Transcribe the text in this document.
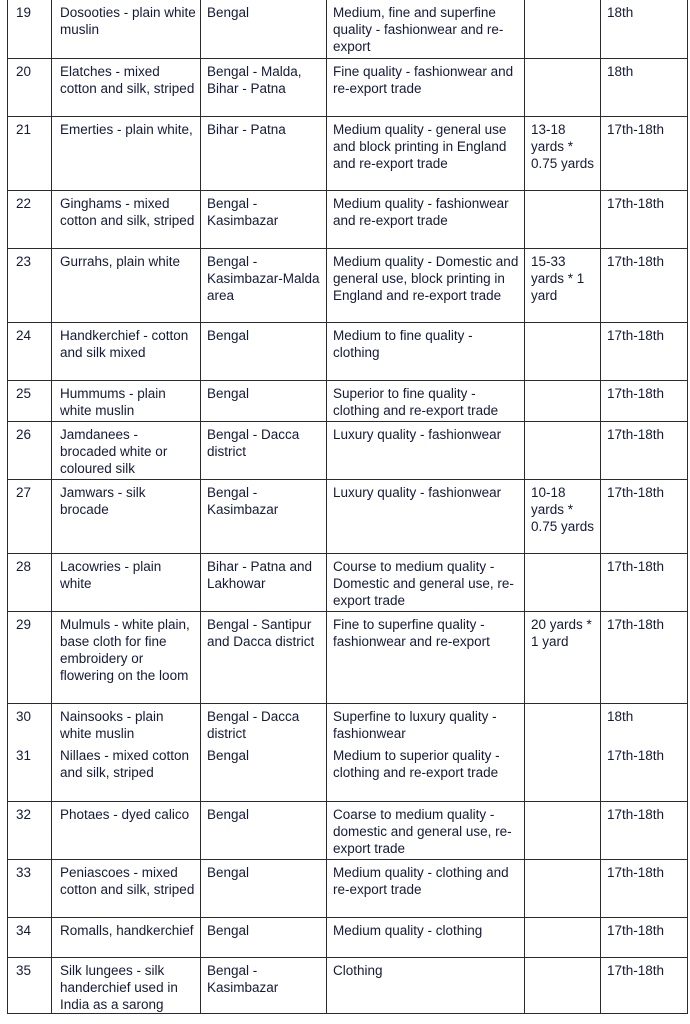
19	Dosooties - plain white muslin	Bengal	Medium, fine and superfine quality - fashionwear and re-export		18th
20	Elatches - mixed cotton and silk, striped	Bengal - Malda, Bihar - Patna	Fine quality - fashionwear and re-export trade		18th
21	Emerties - plain white,	Bihar - Patna	Medium quality - general use and block printing in England and re-export trade	13-18 yards * 0.75 yards	17th-18th
22	Ginghams - mixed cotton and silk, striped	Bengal - Kasimbazar	Medium quality - fashionwear and re-export trade		17th-18th
23	Gurrahs, plain white	Bengal - Kasimbazar-Malda area	Medium quality - Domestic and general use, block printing in England and re-export trade	15-33 yards * 1 yard	17th-18th
24	Handkerchief - cotton and silk mixed	Bengal	Medium to fine quality - clothing		17th-18th
25	Hummums - plain white muslin	Bengal	Superior to fine quality - clothing and re-export trade		17th-18th
26	Jamdanees - brocaded white or coloured silk	Bengal - Dacca district	Luxury quality - fashionwear		17th-18th
27	Jamwars - silk brocade	Bengal - Kasimbazar	Luxury quality - fashionwear	10-18 yards * 0.75 yards	17th-18th
28	Lacowries - plain white	Bihar - Patna and Lakhowar	Course to medium quality - Domestic and general use, re-export trade		17th-18th
29	Mulmuls - white plain, base cloth for fine embroidery or flowering on the loom	Bengal - Santipur and Dacca district	Fine to superfine quality - fashionwear and re-export	20 yards * 1 yard	17th-18th
30	Nainsooks - plain white muslin	Bengal - Dacca district	Superfine to luxury quality - fashionwear		18th
31	Nillaes - mixed cotton and silk, striped	Bengal	Medium to superior quality - clothing and re-export trade		17th-18th
32	Photaes - dyed calico	Bengal	Coarse to medium quality - domestic and general use, re-export trade		17th-18th
33	Peniascoes - mixed cotton and silk, striped	Bengal	Medium quality - clothing and re-export trade		17th-18th
34	Romalls, handkerchief	Bengal	Medium quality - clothing		17th-18th
35	Silk lungees - silk handerchief used in India as a sarong	Bengal - Kasimbazar	Clothing		17th-18th
